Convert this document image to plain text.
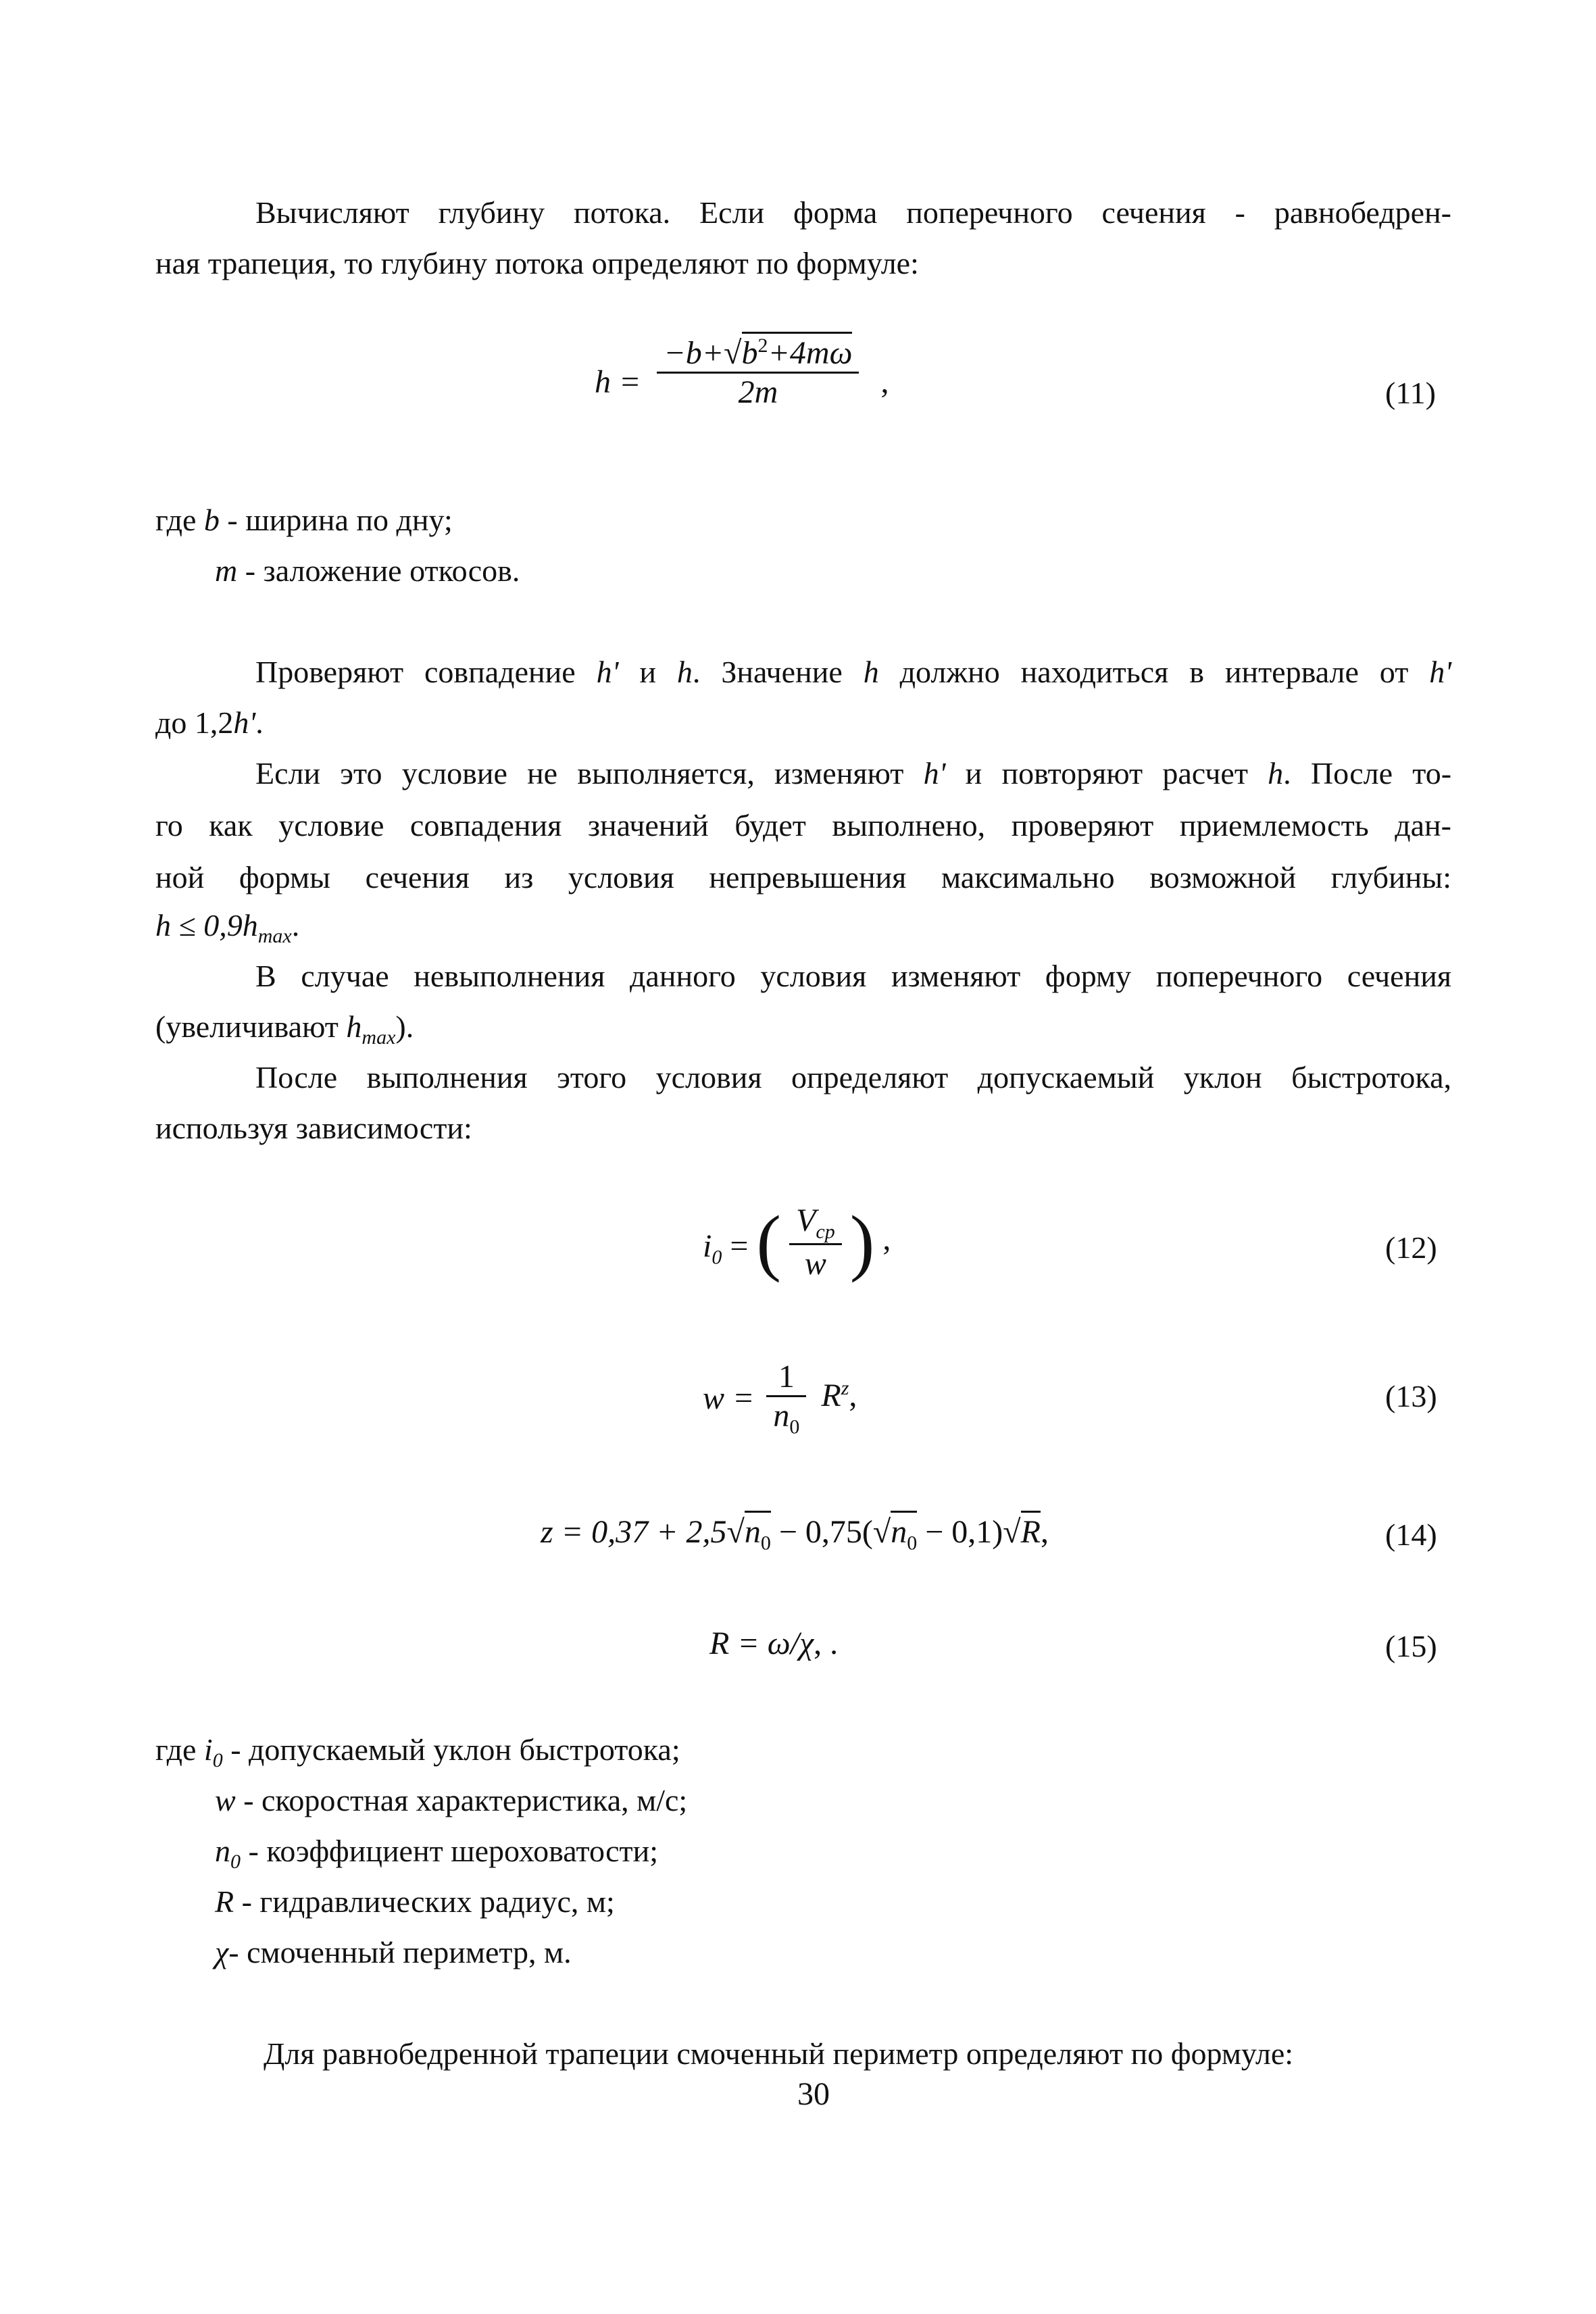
Вычисляют глубину потока. Если форма поперечного сечения - равнобедрен-
ная трапеция, то глубину потока определяют по формуле:
$h = \frac{-b+√b^2+4m\omega}{2m}$ ,	(11)
где b - ширина по дну;
m - заложение откосов.
Проверяют совпадение h' и h. Значение h должно находиться в интервале от h'
до 1,2h'.
Если это условие не выполняется, изменяют h' и повторяют расчет h. После то-
го как условие совпадения значений будет выполнено, проверяют приемлемость дан-
ной формы сечения из условия непревышения максимально возможной глубины:
$h \le 0,9h_{max}$.
В случае невыполнения данного условия изменяют форму поперечного сечения
(увеличивают $h_{max}$).
После выполнения этого условия определяют допускаемый уклон быстротока,
используя зависимости:
$i_0$ = ( $\frac{V_{ср}}{w}$ ) ,	(12)
$w = \frac{1}{n_0} R^z$,	(13)
$z = 0,37 + 2,5√n_0 - 0,75(√n_0 - 0,1)√R$,	(14)
R = ω/χ, .	(15)
где $i_0$ - допускаемый уклон быстротока;
w - скоростная характеристика, м/с;
$n_0$ - коэффициент шероховатости;
R - гидравлических радиус, м;
χ- смоченный периметр, м.
Для равнобедренной трапеции смоченный периметр определяют по формуле:
30
